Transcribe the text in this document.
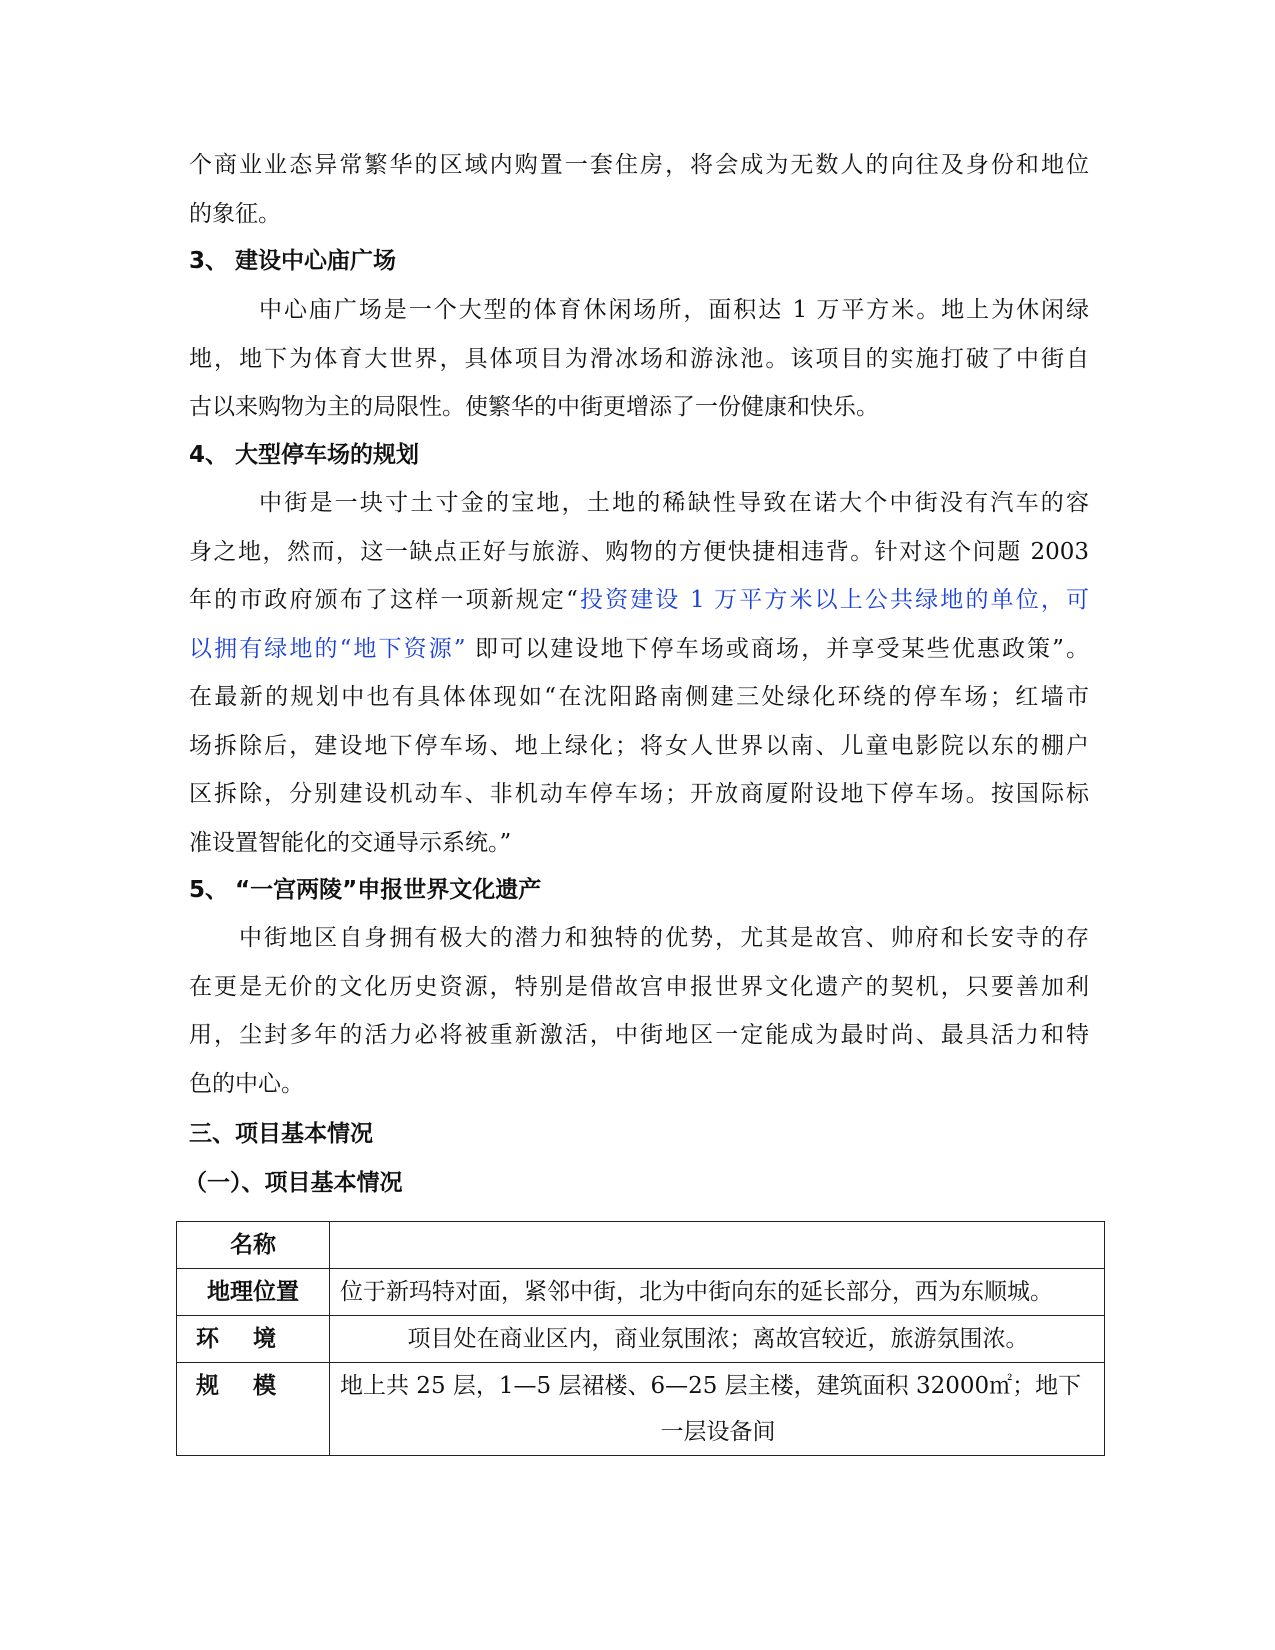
个商业业态异常繁华的区域内购置一套住房，将会成为无数人的向往及身份和地位
的象征。

3、 建设中心庙广场

中心庙广场是一个大型的体育休闲场所，面积达 1 万平方米。地上为休闲绿
地，地下为体育大世界，具体项目为滑冰场和游泳池。该项目的实施打破了中街自
古以来购物为主的局限性。使繁华的中街更增添了一份健康和快乐。

4、 大型停车场的规划

中街是一块寸土寸金的宝地，土地的稀缺性导致在诺大个中街没有汽车的容
身之地，然而，这一缺点正好与旅游、购物的方便快捷相违背。针对这个问题 2003
年的市政府颁布了这样一项新规定“投资建设 1 万平方米以上公共绿地的单位，可
以拥有绿地的“地下资源” 即可以建设地下停车场或商场，并享受某些优惠政策”。
在最新的规划中也有具体体现如“在沈阳路南侧建三处绿化环绕的停车场；红墙市
场拆除后，建设地下停车场、地上绿化；将女人世界以南、儿童电影院以东的棚户
区拆除，分别建设机动车、非机动车停车场；开放商厦附设地下停车场。按国际标
准设置智能化的交通导示系统。”

5、 “一宫两陵”申报世界文化遗产

中街地区自身拥有极大的潜力和独特的优势，尤其是故宫、帅府和长安寺的存
在更是无价的文化历史资源，特别是借故宫申报世界文化遗产的契机，只要善加利
用，尘封多年的活力必将被重新激活，中街地区一定能成为最时尚、最具活力和特
色的中心。

三、项目基本情况
（一）、项目基本情况
名称	

地理位置	位于新玛特对面，紧邻中街，北为中街向东的延长部分，西为东顺城。

环境	项目处在商业区内，商业氛围浓；离故宫较近，旅游氛围浓。

规模	地上共 25 层，1—5 层裙楼、6—25 层主楼，建筑面积 32000㎡；地下
一层设备间
